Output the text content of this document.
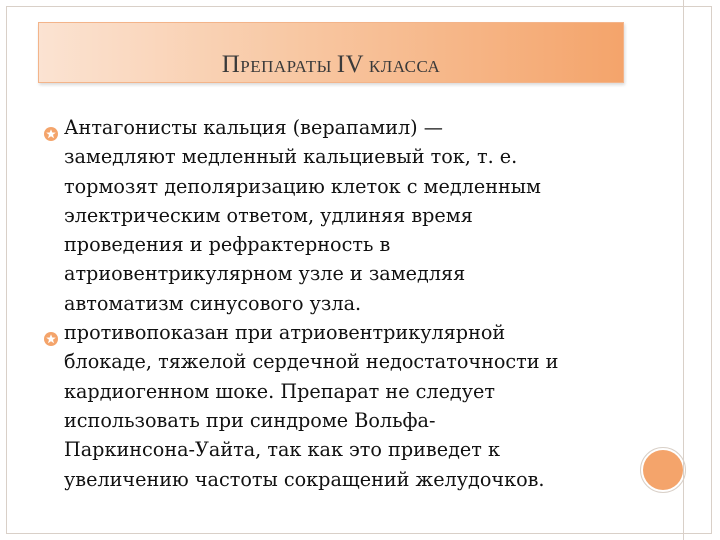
ПРЕПАРАТЫ IV КЛАССА
Антагонисты кальция (верапамил) —
замедляют медленный кальциевый ток, т. е.
тормозят деполяризацию клеток с медленным
электрическим ответом, удлиняя время
проведения и рефрактерность в
атриовентрикулярном узле и замедляя
автоматизм синусового узла.
противопоказан при атриовентрикулярной
блокаде, тяжелой сердечной недостаточности и
кардиогенном шоке. Препарат не следует
использовать при синдроме Вольфа-
Паркинсона-Уайта, так как это приведет к
увеличению частоты сокращений желудочков.
